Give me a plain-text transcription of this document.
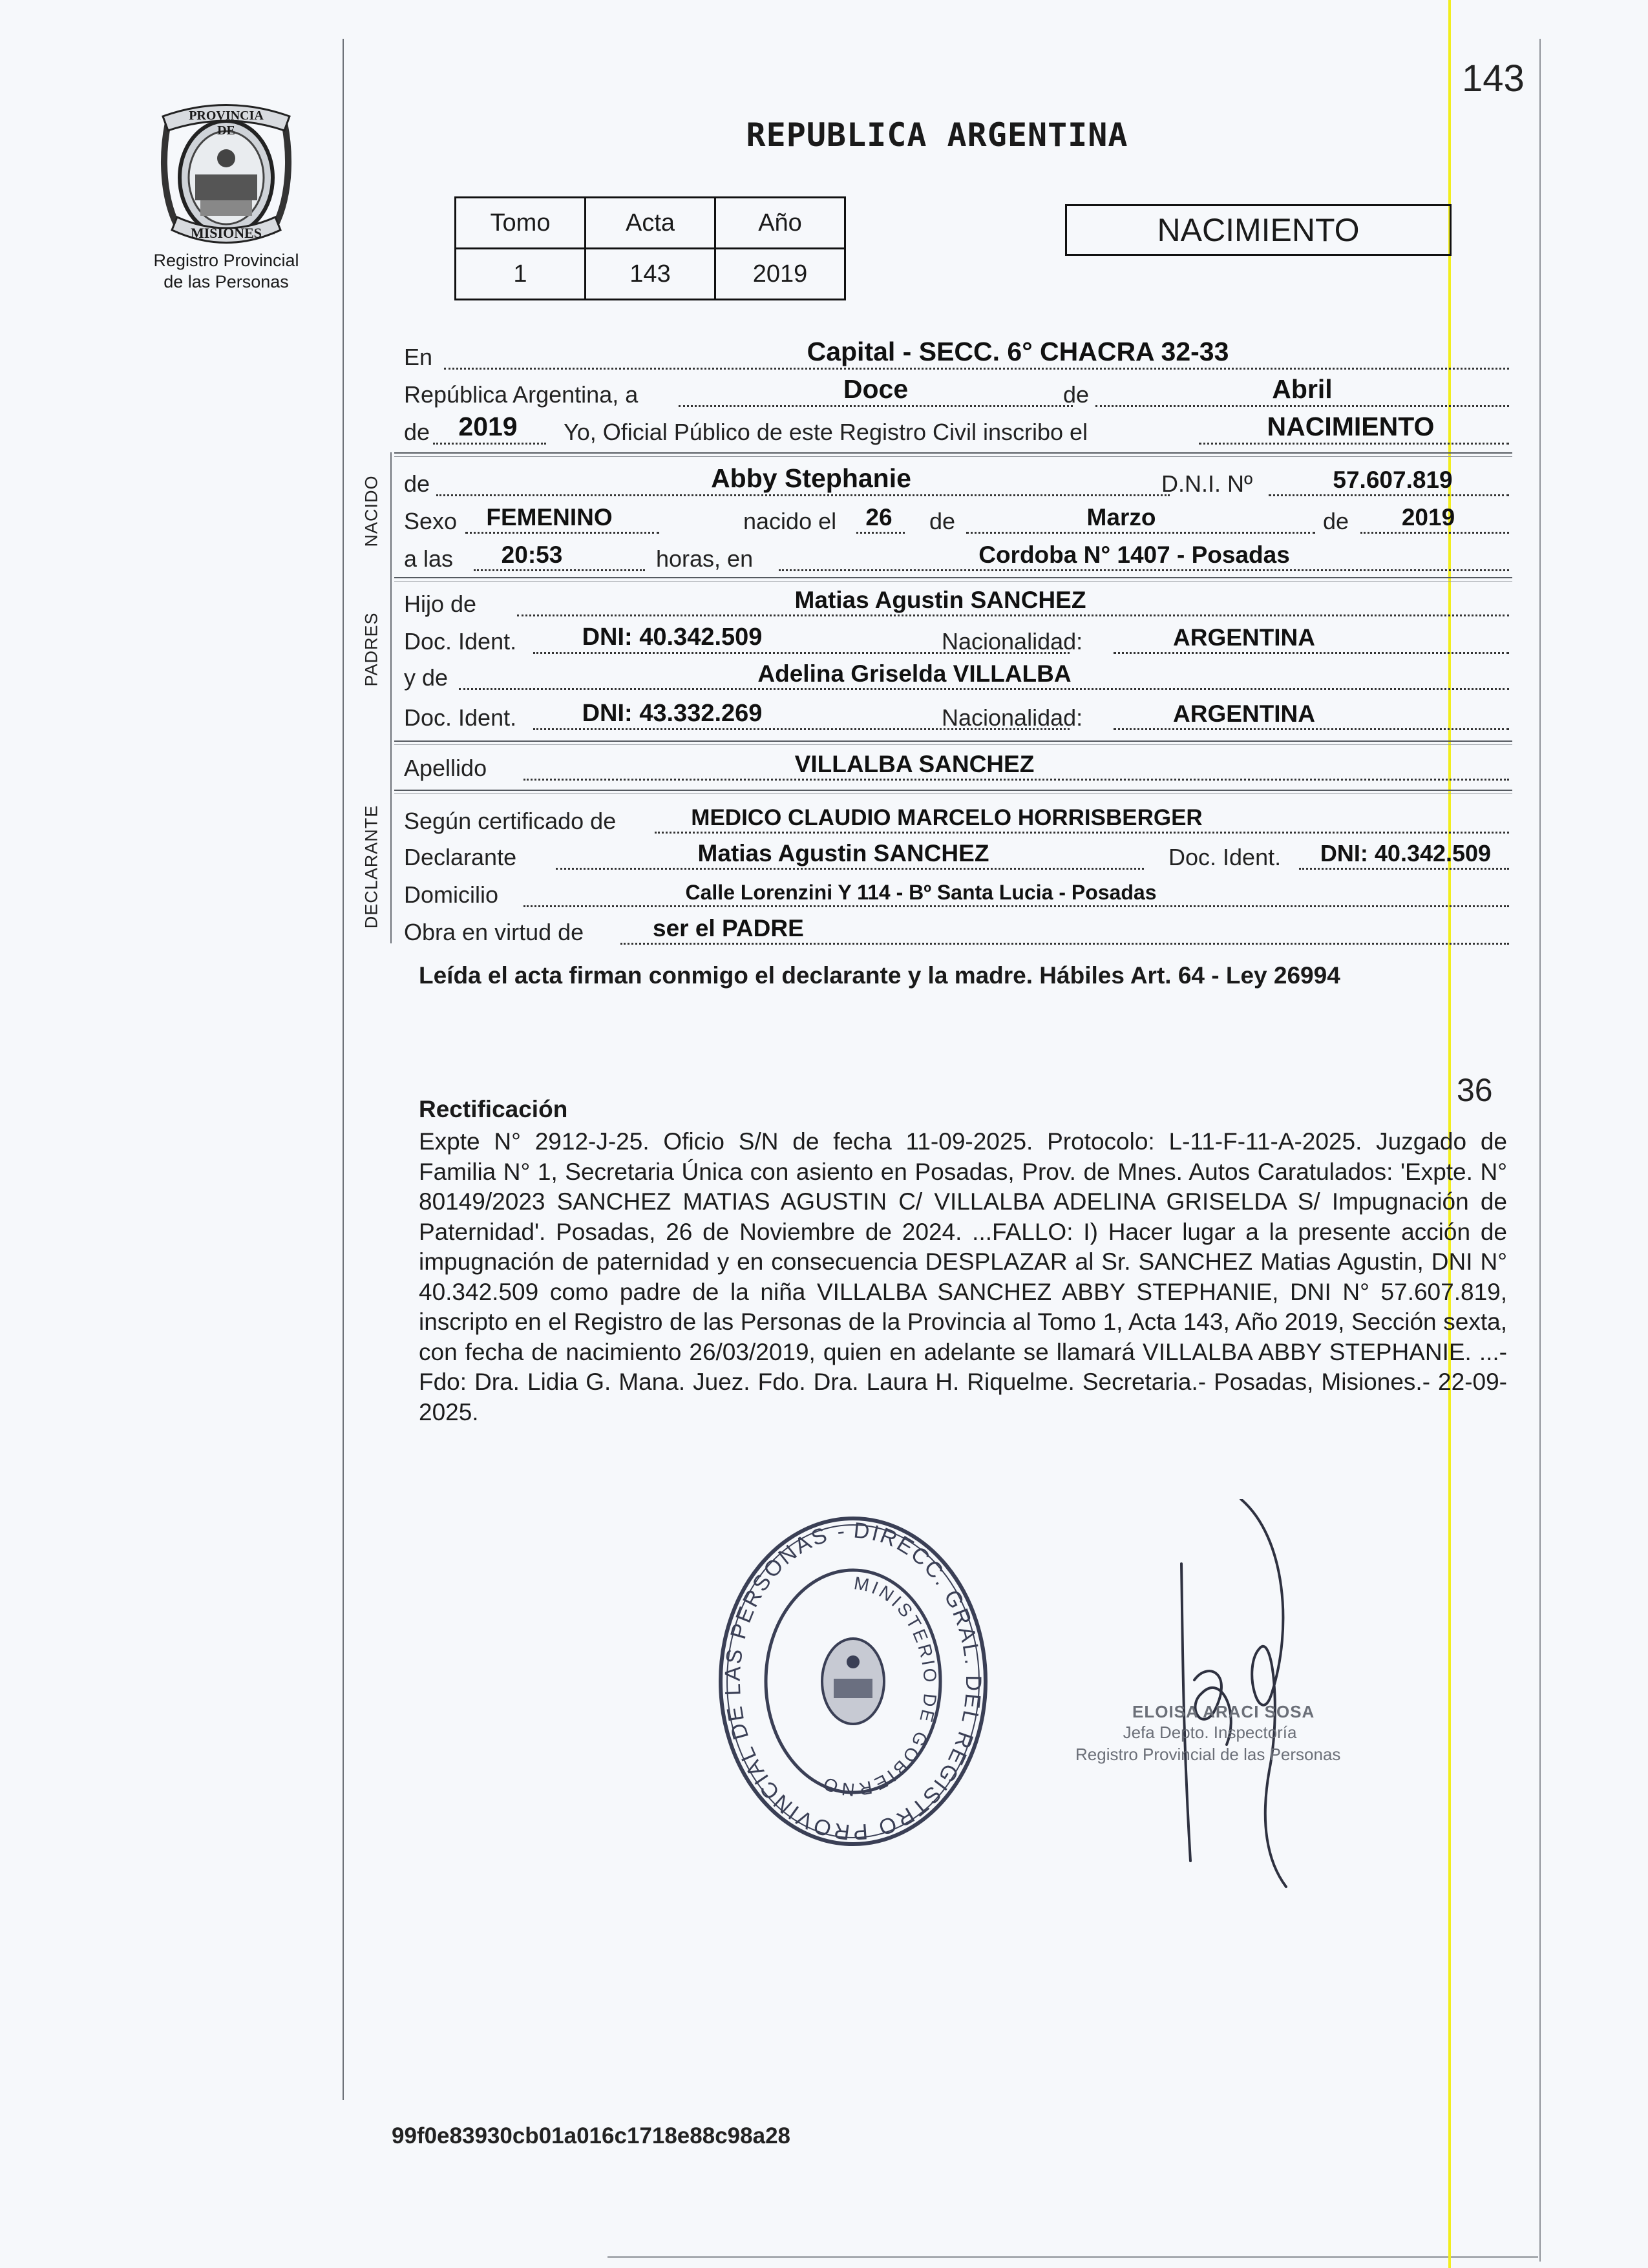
143
PROVINCIA DE
MISIONES
Registro Provincial
de las Personas
REPUBLICA ARGENTINA
Tomo	Acta	Año
1	143	2019
NACIMIENTO
En	Capital - SECC. 6° CHACRA 32-33
República Argentina, a	Doce	de	Abril
de	2019	Yo, Oficial Público de este Registro Civil inscribo el	NACIMIENTO
NACIDO de	Abby Stephanie	D.N.I. Nº	57.607.819
Sexo	FEMENINO	nacido el	26	de	Marzo	de	2019
a las	20:53	horas, en	Cordoba N° 1407 - Posadas
PADRES
Hijo de	Matias Agustin SANCHEZ
Doc. Ident.	DNI: 40.342.509	Nacionalidad:	ARGENTINA
y de	Adelina Griselda VILLALBA
Doc. Ident.	DNI: 43.332.269	Nacionalidad:	ARGENTINA
Apellido	VILLALBA SANCHEZ
DECLARANTE Según certificado de	MEDICO CLAUDIO MARCELO HORRISBERGER
Declarante	Matias Agustin SANCHEZ	Doc. Ident.	DNI: 40.342.509
Domicilio	Calle Lorenzini Y 114 - Bº Santa Lucia - Posadas
Obra en virtud de	ser el PADRE
Leída el acta firman conmigo el declarante y la madre. Hábiles Art. 64 - Ley 26994
36
Rectificación
Expte N° 2912-J-25. Oficio S/N de fecha 11-09-2025. Protocolo: L-11-F-11-A-2025. Juzgado de Familia N° 1, Secretaria Única con asiento en Posadas, Prov. de Mnes. Autos Caratulados: 'Expte. N° 80149/2023 SANCHEZ MATIAS AGUSTIN C/ VILLALBA ADELINA GRISELDA S/ Impugnación de Paternidad'. Posadas, 26 de Noviembre de 2024. ...FALLO: I) Hacer lugar a la presente acción de impugnación de paternidad y en consecuencia DESPLAZAR al Sr. SANCHEZ Matias Agustin, DNI N° 40.342.509 como padre de la niña VILLALBA SANCHEZ ABBY STEPHANIE, DNI N° 57.607.819, inscripto en el Registro de las Personas de la Provincia al Tomo 1, Acta 143, Año 2019, Sección sexta, con fecha de nacimiento 26/03/2019, quien en adelante se llamará VILLALBA ABBY STEPHANIE. ...- Fdo: Dra. Lidia G. Mana. Juez. Fdo. Dra. Laura H. Riquelme. Secretaria.- Posadas, Misiones.- 22-09-2025.
DIRECC. GRAL. DEL REGISTRO PROVINCIAL DE LAS PERSONAS -
MINISTERIO DE GOBIERNO
ELOISA ARACI SOSA
Jefa Depto. Inspectoría
Registro Provincial de las Personas
99f0e83930cb01a016c1718e88c98a28
